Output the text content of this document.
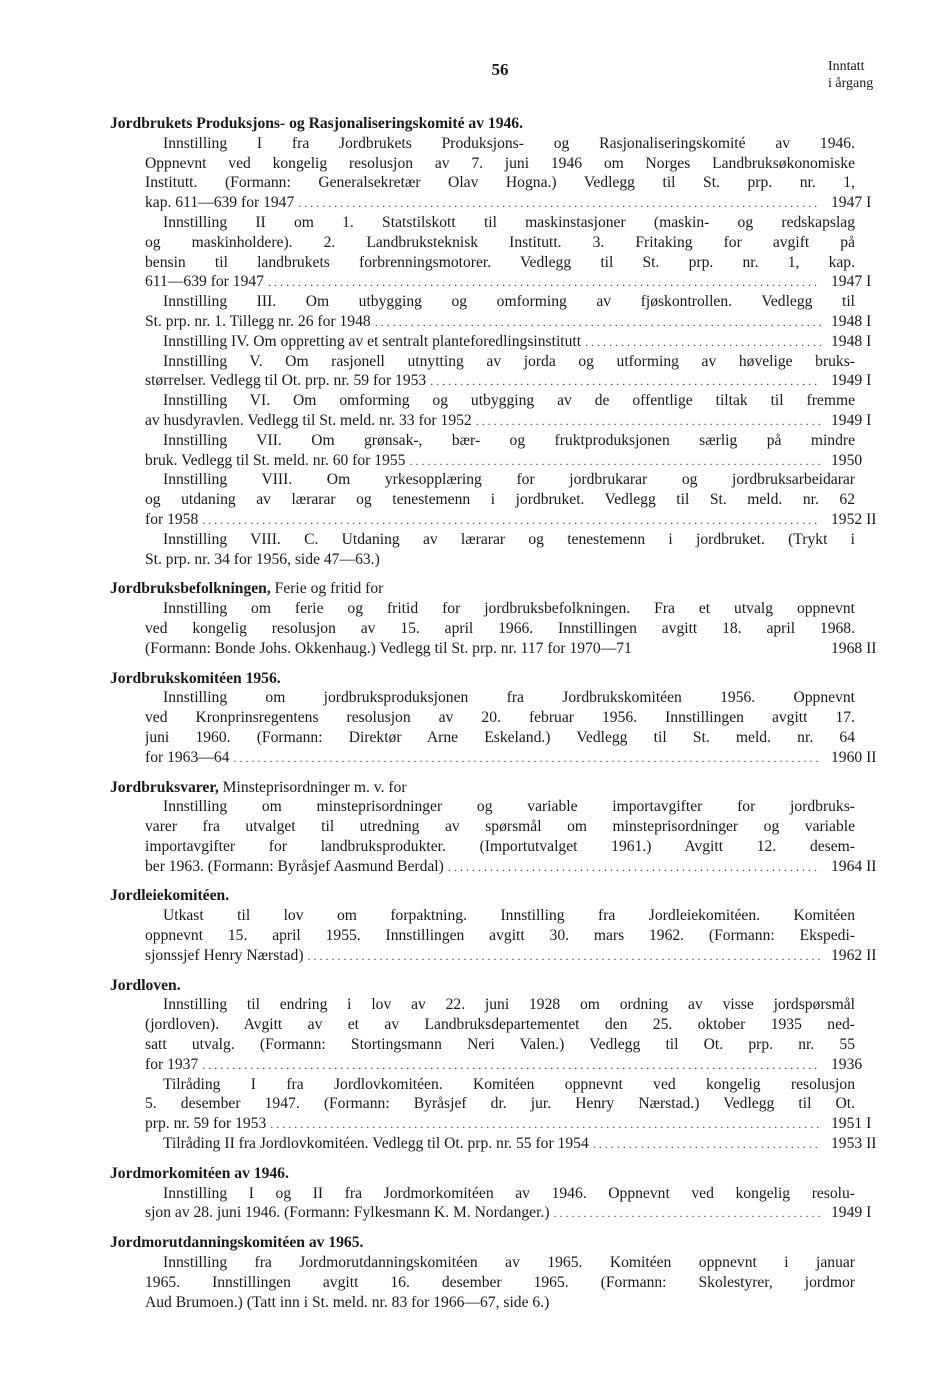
56	Inntatt
i årgang
Jordbrukets Produksjons- og Rasjonaliseringskomité av 1946.
Innstilling I fra Jordbrukets Produksjons- og Rasjonaliseringskomité av 1946.
Oppnevnt ved kongelig resolusjon av 7. juni 1946 om Norges Landbruksøkonomiske
Institutt. (Formann: Generalsekretær Olav Hogna.) Vedlegg til St. prp. nr. 1,
kap. 611—639 for 1947 .....	1947 I
Innstilling II om 1. Statstilskott til maskinstasjoner (maskin- og redskapslag
og maskinholdere). 2. Landbruksteknisk Institutt. 3. Fritaking for avgift på
bensin til landbrukets forbrenningsmotorer. Vedlegg til St. prp. nr. 1, kap.
611—639 for 1947 .....	1947 I
Innstilling III. Om utbygging og omforming av fjøskontrollen. Vedlegg til
St. prp. nr. 1. Tillegg nr. 26 for 1948 .....	1948 I
Innstilling IV. Om oppretting av et sentralt planteforedlingsinstitutt .....	1948 I
Innstilling V. Om rasjonell utnytting av jorda og utforming av høvelige bruks-
størrelser. Vedlegg til Ot. prp. nr. 59 for 1953 .....	1949 I
Innstilling VI. Om omforming og utbygging av de offentlige tiltak til fremme
av husdyravlen. Vedlegg til St. meld. nr. 33 for 1952 .....	1949 I
Innstilling VII. Om grønsak-, bær- og fruktproduksjonen særlig på mindre
bruk. Vedlegg til St. meld. nr. 60 for 1955 .....	1950
Innstilling VIII. Om yrkesopplæring for jordbrukarar og jordbruksarbeidarar
og utdaning av lærarar og tenestemenn i jordbruket. Vedlegg til St. meld. nr. 62
for 1958 .....	1952 II
Innstilling VIII. C. Utdaning av lærarar og tenestemenn i jordbruket. (Trykt i
St. prp. nr. 34 for 1956, side 47—63.)
Jordbruksbefolkningen, Ferie og fritid for
Innstilling om ferie og fritid for jordbruksbefolkningen. Fra et utvalg oppnevnt
ved kongelig resolusjon av 15. april 1966. Innstillingen avgitt 18. april 1968.
(Formann: Bonde Johs. Okkenhaug.) Vedlegg til St. prp. nr. 117 for 1970—71	1968 II
Jordbrukskomitéen 1956.
Innstilling om jordbruksproduksjonen fra Jordbrukskomitéen 1956. Oppnevnt
ved Kronprinsregentens resolusjon av 20. februar 1956. Innstillingen avgitt 17.
juni 1960. (Formann: Direktør Arne Eskeland.) Vedlegg til St. meld. nr. 64
for 1963—64 .....	1960 II
Jordbruksvarer, Minsteprisordninger m. v. for
Innstilling om minsteprisordninger og variable importavgifter for jordbruks-
varer fra utvalget til utredning av spørsmål om minsteprisordninger og variable
importavgifter for landbruksprodukter. (Importutvalget 1961.) Avgitt 12. desem-
ber 1963. (Formann: Byråsjef Aasmund Berdal) .....	1964 II
Jordleiekomitéen.
Utkast til lov om forpaktning. Innstilling fra Jordleiekomitéen. Komitéen
oppnevnt 15. april 1955. Innstillingen avgitt 30. mars 1962. (Formann: Ekspedi-
sjonssjef Henry Nærstad) .....	1962 II
Jordloven.
Innstilling til endring i lov av 22. juni 1928 om ordning av visse jordspørsmål
(jordloven). Avgitt av et av Landbruksdepartementet den 25. oktober 1935 ned-
satt utvalg. (Formann: Stortingsmann Neri Valen.) Vedlegg til Ot. prp. nr. 55
for 1937 .....	1936
Tilråding I fra Jordlovkomitéen. Komitéen oppnevnt ved kongelig resolusjon
5. desember 1947. (Formann: Byråsjef dr. jur. Henry Nærstad.) Vedlegg til Ot.
prp. nr. 59 for 1953 .....	1951 I
Tilråding II fra Jordlovkomitéen. Vedlegg til Ot. prp. nr. 55 for 1954 .....	1953 II
Jordmorkomitéen av 1946.
Innstilling I og II fra Jordmorkomitéen av 1946. Oppnevnt ved kongelig resolu-
sjon av 28. juni 1946. (Formann: Fylkesmann K. M. Nordanger.) .....	1949 I
Jordmorutdanningskomitéen av 1965.
Innstilling fra Jordmorutdanningskomitéen av 1965. Komitéen oppnevnt i januar
1965. Innstillingen avgitt 16. desember 1965. (Formann: Skolestyrer, jordmor
Aud Brumoen.) (Tatt inn i St. meld. nr. 83 for 1966—67, side 6.)
